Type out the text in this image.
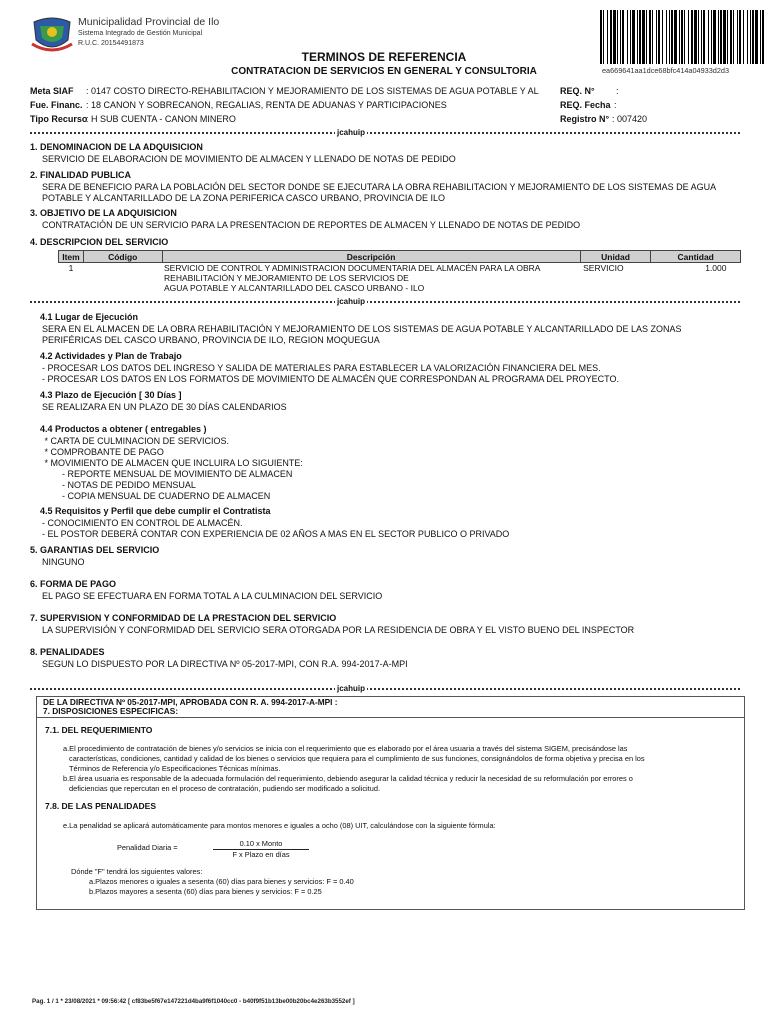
Municipalidad Provincial de Ilo
Sistema Integrado de Gestión Municipal
R.U.C. 20154491873
ea669641aa1dce68bfc414a04933d2d3
TERMINOS DE REFERENCIA
CONTRATACION DE SERVICIOS EN GENERAL Y CONSULTORIA
Meta SIAF : 0147 COSTO DIRECTO-REHABILITACION Y MEJORAMIENTO DE LOS SISTEMAS DE AGUA POTABLE Y AL
Fue. Financ. : 18 CANON Y SOBRECANON, REGALIAS, RENTA DE ADUANAS Y PARTICIPACIONES
Tipo Recurso
: H SUB CUENTA - CANON MINERO
REQ. N° :
REQ. Fecha :
Registro N° : 007420
jcahuip
1. DENOMINACION DE LA ADQUISICION
SERVICIO DE ELABORACION DE MOVIMIENTO DE ALMACEN Y LLENADO DE NOTAS DE PEDIDO
2. FINALIDAD PUBLICA
SERA DE BENEFICIO PARA LA POBLACIÓN DEL SECTOR DONDE SE EJECUTARA LA OBRA REHABILITACION Y MEJORAMIENTO DE LOS SISTEMAS DE AGUA
POTABLE Y ALCANTARILLADO DE LA ZONA PERIFERICA CASCO URBANO, PROVINCIA DE ILO
3. OBJETIVO DE LA ADQUISICION
CONTRATACIÓN DE UN SERVICIO PARA LA PRESENTACION DE REPORTES DE ALMACEN Y LLENADO DE NOTAS DE PEDIDO
4. DESCRIPCION DEL SERVICIO
Item	Código	Descripción	Unidad	Cantidad
1		SERVICIO DE CONTROL Y ADMINISTRACION DOCUMENTARIA DEL ALMACÉN PARA LA OBRA
REHABILITACIÓN Y MEJORAMIENTO DE LOS SERVICIOS DE
AGUA POTABLE Y ALCANTARILLADO DEL CASCO URBANO - ILO	SERVICIO	1.000
jcahuip
4.1 Lugar de Ejecución
SERA EN EL ALMACEN DE LA OBRA REHABILITACIÓN Y MEJORAMIENTO DE LOS SISTEMAS DE AGUA POTABLE Y ALCANTARILLADO DE LAS ZONAS
PERIFÉRICAS DEL CASCO URBANO, PROVINCIA DE ILO, REGION MOQUEGUA
4.2 Actividades y Plan de Trabajo
- PROCESAR LOS DATOS DEL INGRESO Y SALIDA DE MATERIALES PARA ESTABLECER LA VALORIZACIÓN FINANCIERA DEL MES.
- PROCESAR LOS DATOS EN LOS FORMATOS DE MOVIMIENTO DE ALMACÉN QUE CORRESPONDAN AL PROGRAMA DEL PROYECTO.
4.3 Plazo de Ejecución [ 30 Días ]
SE REALIZARA EN UN PLAZO DE 30 DÍAS CALENDARIOS
4.4 Productos a obtener ( entregables )
* CARTA DE CULMINACION DE SERVICIOS.
* COMPROBANTE DE PAGO
* MOVIMIENTO DE ALMACEN QUE INCLUIRA LO SIGUIENTE:
- REPORTE MENSUAL DE MOVIMIENTO DE ALMACEN
- NOTAS DE PEDIDO MENSUAL
- COPIA MENSUAL DE CUADERNO DE ALMACEN
4.5 Requisitos y Perfil que debe cumplir el Contratista
- CONOCIMIENTO EN CONTROL DE ALMACÉN.
- EL POSTOR DEBERÁ CONTAR CON EXPERIENCIA DE 02 AÑOS A MAS EN EL SECTOR PUBLICO O PRIVADO
5. GARANTIAS DEL SERVICIO
NINGUNO
6. FORMA DE PAGO
EL PAGO SE EFECTUARA EN FORMA TOTAL A LA CULMINACION DEL SERVICIO
7. SUPERVISION Y CONFORMIDAD DE LA PRESTACION DEL SERVICIO
LA SUPERVISIÓN Y CONFORMIDAD DEL SERVICIO SERA OTORGADA POR LA RESIDENCIA DE OBRA Y EL VISTO BUENO DEL INSPECTOR
8. PENALIDADES
SEGUN LO DISPUESTO POR LA DIRECTIVA Nº 05-2017-MPI, CON R.A. 994-2017-A-MPI
jcahuip
DE LA DIRECTIVA Nº 05-2017-MPI, APROBADA CON R. A. 994-2017-A-MPI :
7. DISPOSICIONES ESPECIFICAS:
7.1. DEL REQUERIMIENTO
a.El procedimiento de contratación de bienes y/o servicios se inicia con el requerimiento que es elaborado por el área usuaria a través del sistema SIGEM, precisándose las
características, condiciones, cantidad y calidad de los bienes o servicios que requiera para el cumplimiento de sus funciones, consignándolos de forma objetiva y precisa en los
Términos de Referencia y/o Especificaciones Técnicas mínimas.
b.El área usuaria es responsable de la adecuada formulación del requerimiento, debiendo asegurar la calidad técnica y reducir la necesidad de su reformulación por errores o
deficiencias que repercutan en el proceso de contratación, pudiendo ser modificado a solicitud.
7.8. DE LAS PENALIDADES
e.La penalidad se aplicará automáticamente para montos menores e iguales a ocho (08) UIT, calculándose con la siguiente fórmula:
Penalidad Diaria =	0.10 x Monto
F x Plazo en días
Dónde "F" tendrá los siguientes valores:
a.Plazos menores o iguales a sesenta (60) días para bienes y servicios: F = 0.40
b.Plazos mayores a sesenta (60) días para bienes y servicios: F = 0.25
Pag. 1 / 1 * 23/08/2021 * 09:56:42 [ cf83be5f67e147221d4ba9f6f1040cc0 - b40f9f51b13be00b20bc4e263b3552ef ]
